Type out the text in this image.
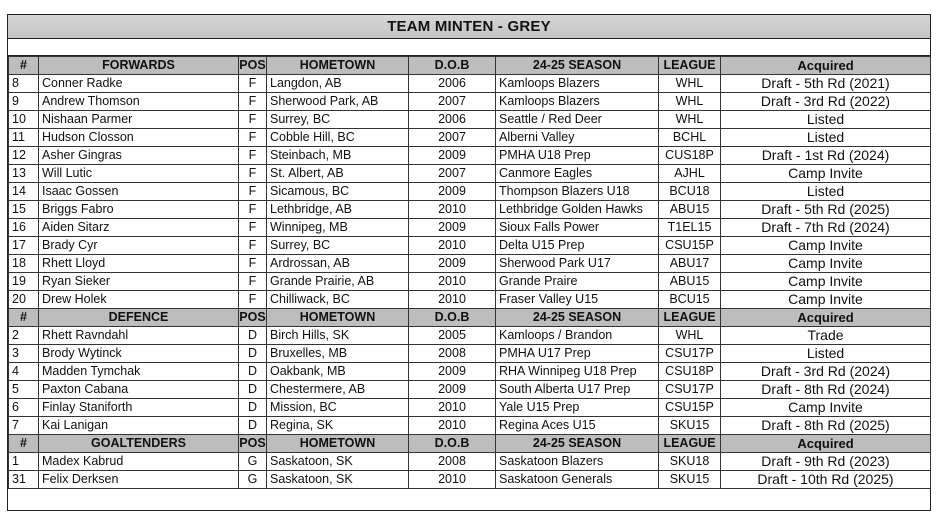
TEAM MINTEN - GREY
#	FORWARDS	POS	HOMETOWN	D.O.B	24-25 SEASON	LEAGUE	Acquired
8	Conner Radke	F	Langdon, AB	2006	Kamloops Blazers	WHL	Draft - 5th Rd (2021)
9	Andrew Thomson	F	Sherwood Park, AB	2007	Kamloops Blazers	WHL	Draft - 3rd Rd (2022)
10	Nishaan Parmer	F	Surrey, BC	2006	Seattle / Red Deer	WHL	Listed
11	Hudson Closson	F	Cobble Hill, BC	2007	Alberni Valley	BCHL	Listed
12	Asher Gingras	F	Steinbach, MB	2009	PMHA U18 Prep	CUS18P	Draft - 1st Rd (2024)
13	Will Lutic	F	St. Albert, AB	2007	Canmore Eagles	AJHL	Camp Invite
14	Isaac Gossen	F	Sicamous, BC	2009	Thompson Blazers U18	BCU18	Listed
15	Briggs Fabro	F	Lethbridge, AB	2010	Lethbridge Golden Hawks	ABU15	Draft - 5th Rd (2025)
16	Aiden Sitarz	F	Winnipeg, MB	2009	Sioux Falls Power	T1EL15	Draft - 7th Rd (2024)
17	Brady Cyr	F	Surrey, BC	2010	Delta U15 Prep	CSU15P	Camp Invite
18	Rhett Lloyd	F	Ardrossan, AB	2009	Sherwood Park U17	ABU17	Camp Invite
19	Ryan Sieker	F	Grande Prairie, AB	2010	Grande Praire	ABU15	Camp Invite
20	Drew Holek	F	Chilliwack, BC	2010	Fraser Valley U15	BCU15	Camp Invite
#	DEFENCE	POS	HOMETOWN	D.O.B	24-25 SEASON	LEAGUE	Acquired
2	Rhett Ravndahl	D	Birch Hills, SK	2005	Kamloops / Brandon	WHL	Trade
3	Brody Wytinck	D	Bruxelles, MB	2008	PMHA U17 Prep	CSU17P	Listed
4	Madden Tymchak	D	Oakbank, MB	2009	RHA Winnipeg U18 Prep	CSU18P	Draft - 3rd Rd (2024)
5	Paxton Cabana	D	Chestermere, AB	2009	South Alberta U17 Prep	CSU17P	Draft - 8th Rd (2024)
6	Finlay Staniforth	D	Mission, BC	2010	Yale U15 Prep	CSU15P	Camp Invite
7	Kai Lanigan	D	Regina, SK	2010	Regina Aces U15	SKU15	Draft - 8th Rd (2025)
#	GOALTENDERS	POS	HOMETOWN	D.O.B	24-25 SEASON	LEAGUE	Acquired
1	Madex Kabrud	G	Saskatoon, SK	2008	Saskatoon Blazers	SKU18	Draft - 9th Rd (2023)
31	Felix Derksen	G	Saskatoon, SK	2010	Saskatoon Generals	SKU15	Draft - 10th Rd (2025)
